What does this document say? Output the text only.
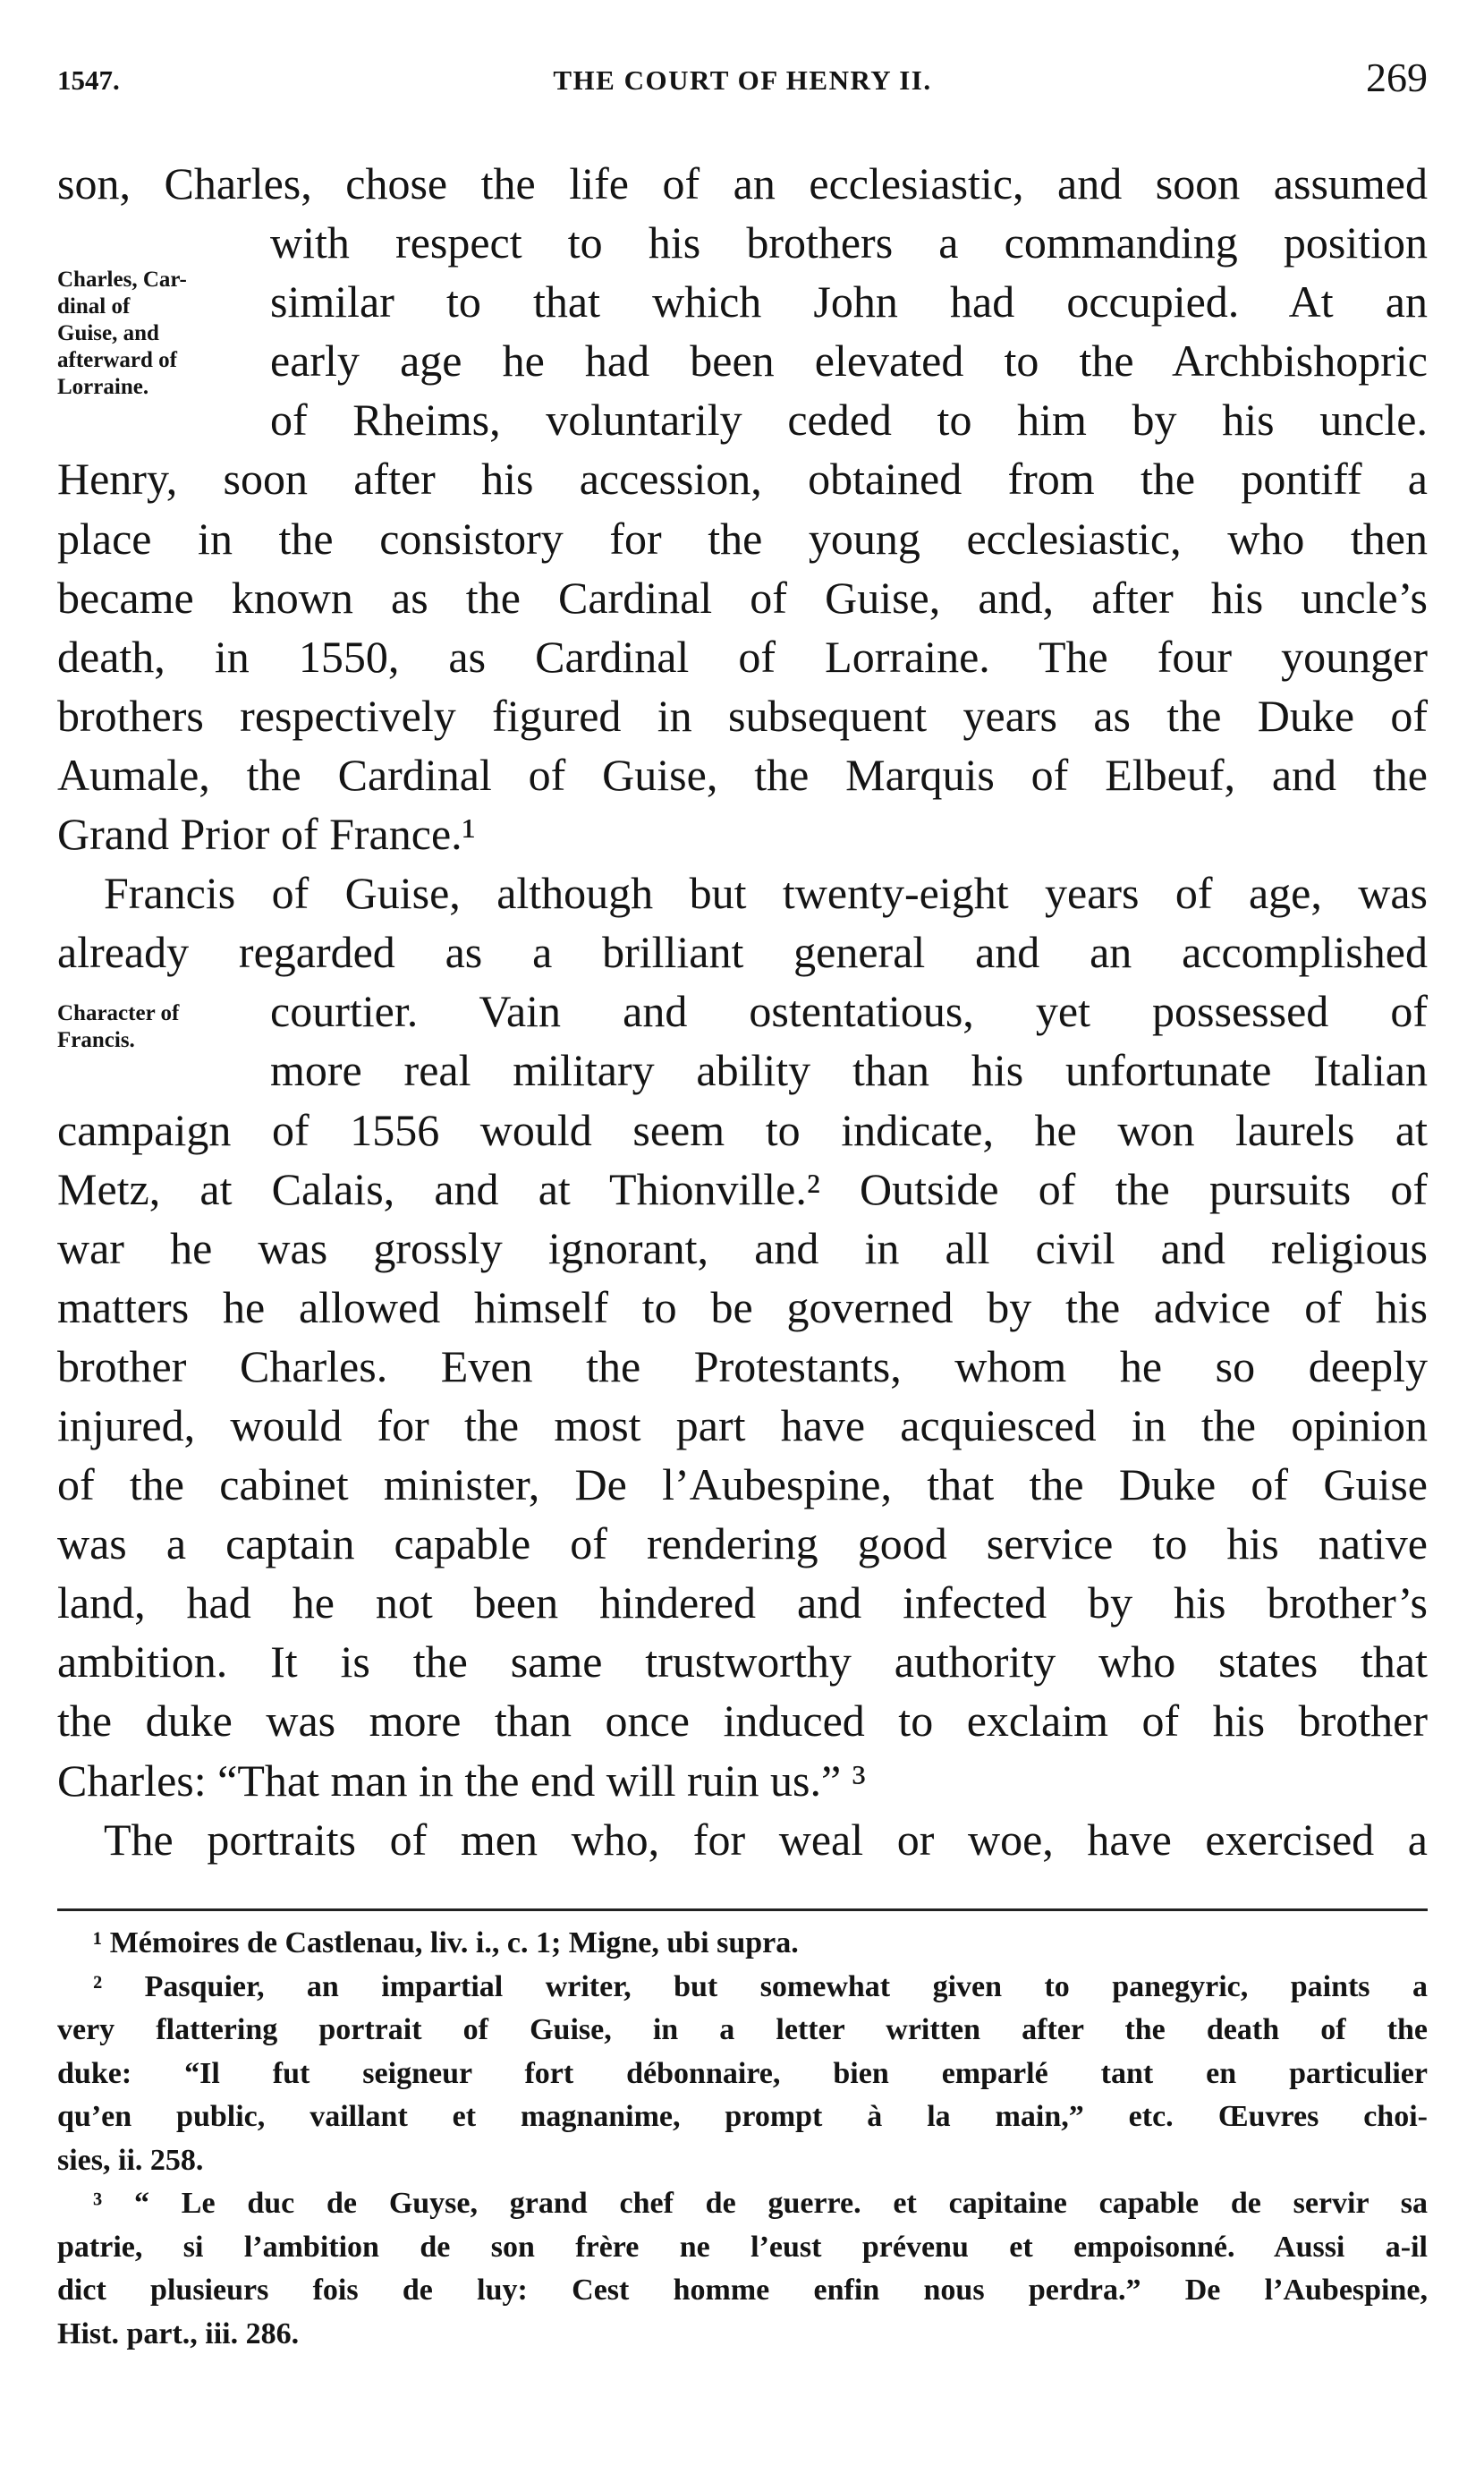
1547.	THE COURT OF HENRY II.	269
Charles, Car-
dinal of
Guise, and
afterward of
Lorraine.
Character of
Francis.
son, Charles, chose the life of an ecclesiastic, and soon assumed
with respect to his brothers a commanding position
similar to that which John had occupied. At an
early age he had been elevated to the Archbishopric
of Rheims, voluntarily ceded to him by his uncle.
Henry, soon after his accession, obtained from the pontiff a
place in the consistory for the young ecclesiastic, who then
became known as the Cardinal of Guise, and, after his uncle’s
death, in 1550, as Cardinal of Lorraine. The four younger
brothers respectively figured in subsequent years as the Duke of
Aumale, the Cardinal of Guise, the Marquis of Elbeuf, and the
Grand Prior of France.¹
Francis of Guise, although but twenty-eight years of age, was
already regarded as a brilliant general and an accomplished
courtier. Vain and ostentatious, yet possessed of
more real military ability than his unfortunate Italian
campaign of 1556 would seem to indicate, he won laurels at
Metz, at Calais, and at Thionville.² Outside of the pursuits of
war he was grossly ignorant, and in all civil and religious
matters he allowed himself to be governed by the advice of his
brother Charles. Even the Protestants, whom he so deeply
injured, would for the most part have acquiesced in the opinion
of the cabinet minister, De l’Aubespine, that the Duke of Guise
was a captain capable of rendering good service to his native
land, had he not been hindered and infected by his brother’s
ambition. It is the same trustworthy authority who states that
the duke was more than once induced to exclaim of his brother
Charles: “That man in the end will ruin us.” ³
The portraits of men who, for weal or woe, have exercised a
¹ Mémoires de Castlenau, liv. i., c. 1; Migne, ubi supra.
² Pasquier, an impartial writer, but somewhat given to panegyric, paints a
very flattering portrait of Guise, in a letter written after the death of the
duke: “Il fut seigneur fort débonnaire, bien emparlé tant en particulier
qu’en public, vaillant et magnanime, prompt à la main,” etc. Œuvres choi-
sies, ii. 258.
³ “ Le duc de Guyse, grand chef de guerre. et capitaine capable de servir sa
patrie, si l’ambition de son frère ne l’eust prévenu et empoisonné. Aussi a-il
dict plusieurs fois de luy: Cest homme enfin nous perdra.” De l’Aubespine,
Hist. part., iii. 286.
